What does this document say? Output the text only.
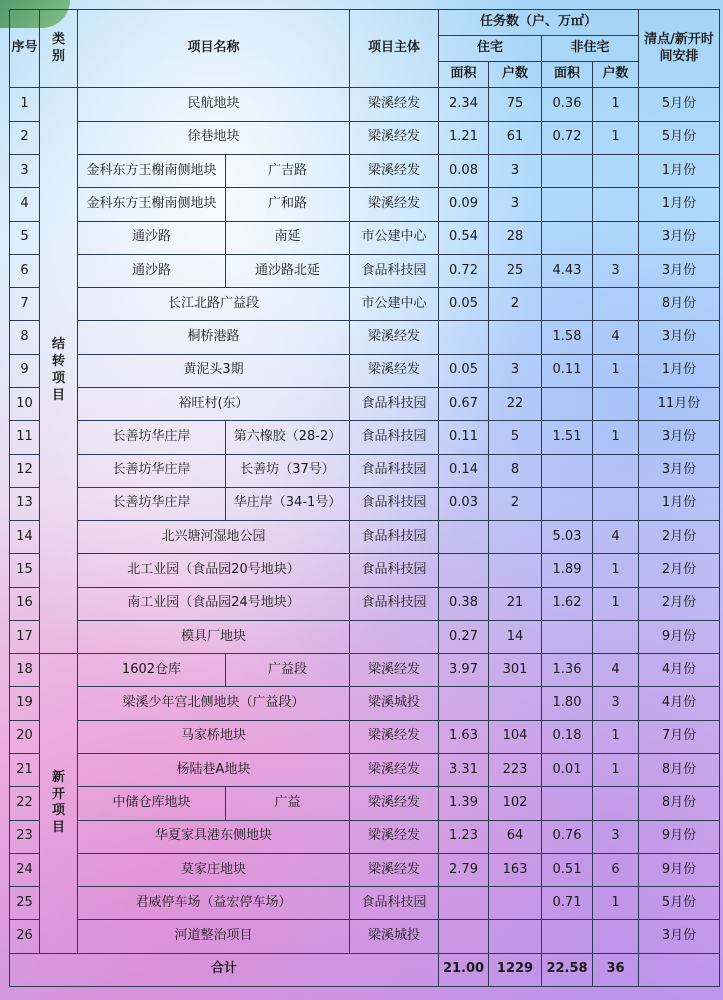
序号	类别	项目名称		项目主体	任务数（户、万㎡）				清点/新开时间安排
					住宅		非住宅		
					面积	户数	面积	户数	
1	结转项目	民航地块		梁溪经发	2.34	75	0.36	1	5月份
2		徐巷地块		梁溪经发	1.21	61	0.72	1	5月份
3		金科东方王榭南侧地块	广吉路	梁溪经发	0.08	3			1月份
4		金科东方王榭南侧地块	广和路	梁溪经发	0.09	3			1月份
5		通沙路	南延	市公建中心	0.54	28			3月份
6		通沙路	通沙路北延	食品科技园	0.72	25	4.43	3	3月份
7		长江北路广益段		市公建中心	0.05	2			8月份
8		桐桥港路		梁溪经发			1.58	4	3月份
9		黄泥头3期		梁溪经发	0.05	3	0.11	1	1月份
10		裕旺村(东）		食品科技园	0.67	22			11月份
11		长善坊华庄岸	第六橡胶（28-2）	食品科技园	0.11	5	1.51	1	3月份
12		长善坊华庄岸	长善坊（37号）	食品科技园	0.14	8			3月份
13		长善坊华庄岸	华庄岸（34-1号）	食品科技园	0.03	2			1月份
14		北兴塘河湿地公园		食品科技园			5.03	4	2月份
15		北工业园（食品园20号地块）		食品科技园			1.89	1	2月份
16		南工业园（食品园24号地块）		食品科技园	0.38	21	1.62	1	2月份
17		模具厂地块			0.27	14			9月份
18	新开项目	1602仓库	广益段	梁溪经发	3.97	301	1.36	4	4月份
19		梁溪少年宫北侧地块（广益段）		梁溪城投			1.80	3	4月份
20		马家桥地块		梁溪经发	1.63	104	0.18	1	7月份
21		杨陆巷A地块		梁溪经发	3.31	223	0.01	1	8月份
22		中储仓库地块	广益	梁溪经发	1.39	102			8月份
23		华夏家具港东侧地块		梁溪经发	1.23	64	0.76	3	9月份
24		莫家庄地块		梁溪经发	2.79	163	0.51	6	9月份
25		君威停车场（益宏停车场）		食品科技园			0.71	1	5月份
26		河道整治项目		梁溪城投					3月份
合计					21.00	1229	22.58	36	
